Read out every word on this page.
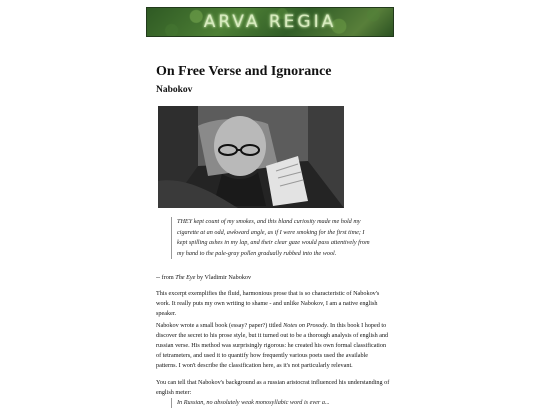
ARVA REGIA
On Free Verse and Ignorance
Nabokov
THEY kept count of my smokes, and this bland curiosity made me hold my cigarette at an odd, awkward angle, as if I were smoking for the first time; I kept spilling ashes in my lap, and their clear gaze would pass attentively from my hand to the pale-gray pollen gradually rubbed into the wool.

-- from The Eye by Vladimir Nabokov

This excerpt exemplifies the fluid, harmonious prose that is so characteristic of Nabokov's work. It really puts my own writing to shame - and unlike Nabokov, I am a native english speaker.

Nabokov wrote a small book (essay? paper?) titled Notes on Prosody. In this book I hoped to discover the secret to his prose style, but it turned out to be a thorough analysis of english and russian verse. His method was surprisingly rigorous: he created his own formal classification of tetrameters, and used it to quantify how frequently various poets used the available patterns. I won't describe the classification here, as it's not particularly relevant.

You can tell that Nabokov's background as a russian aristocrat influenced his understanding of english meter:

In Russian, no absolutely weak monosyllabic word is ever a...
